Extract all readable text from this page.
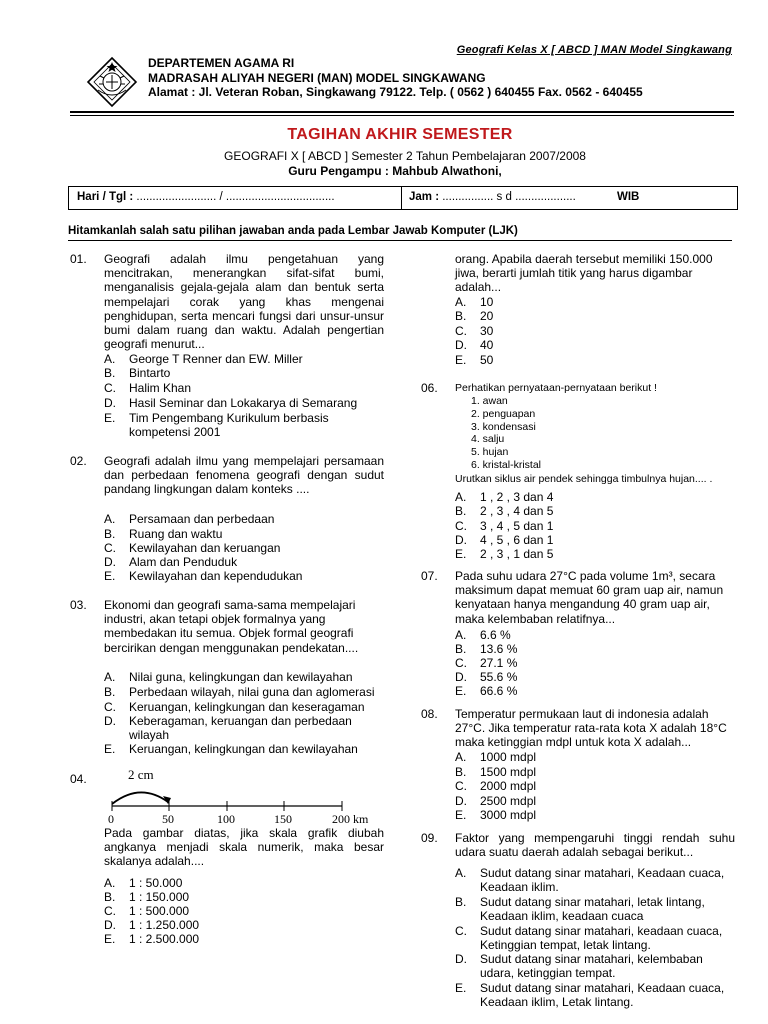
Geografi Kelas X [ ABCD ] MAN Model Singkawang
DEPARTEMEN AGAMA RI
MADRASAH ALIYAH NEGERI (MAN) MODEL SINGKAWANG
Alamat : Jl. Veteran Roban, Singkawang 79122. Telp. ( 0562 ) 640455 Fax. 0562 - 640455
TAGIHAN AKHIR SEMESTER
GEOGRAFI X [ ABCD ] Semester 2 Tahun Pembelajaran 2007/2008
Guru Pengampu : Mahbub Alwathoni,
Hari / Tgl : ......................... / ..................................	Jam : ................ s d ...................	WIB
Hitamkanlah salah satu pilihan jawaban anda pada Lembar Jawab Komputer (LJK)
01. Geografi adalah ilmu pengetahuan yang mencitrakan, menerangkan sifat-sifat bumi, menganalisis gejala-gejala alam dan bentuk serta mempelajari corak yang khas mengenai penghidupan, serta mencari fungsi dari unsur-unsur bumi dalam ruang dan waktu. Adalah pengertian geografi menurut...
A. George T Renner dan EW. Miller
B. Bintarto
C. Halim Khan
D. Hasil Seminar dan Lokakarya di Semarang
E. Tim Pengembang Kurikulum berbasis kompetensi 2001
02. Geografi adalah ilmu yang mempelajari persamaan dan perbedaan fenomena geografi dengan sudut pandang lingkungan dalam konteks ....
A. Persamaan dan perbedaan
B. Ruang dan waktu
C. Kewilayahan dan keruangan
D. Alam dan Penduduk
E. Kewilayahan dan kependudukan
03. Ekonomi dan geografi sama-sama mempelajari industri, akan tetapi objek formalnya yang membedakan itu semua. Objek formal geografi bercirikan dengan menggunakan pendekatan....
A. Nilai guna, kelingkungan dan kewilayahan
B. Perbedaan wilayah, nilai guna dan aglomerasi
C. Keruangan, kelingkungan dan keseragaman
D. Keberagaman, keruangan dan perbedaan wilayah
E. Keruangan, kelingkungan dan kewilayahan
04.	2 cm
0	50	100	150	200 km
Pada gambar diatas, jika skala grafik diubah angkanya menjadi skala numerik, maka besar skalanya adalah....
A. 1 : 50.000
B. 1 : 150.000
C. 1 : 500.000
D. 1 : 1.250.000
E. 1 : 2.500.000
orang. Apabila daerah tersebut memiliki 150.000 jiwa, berarti jumlah titik yang harus digambar adalah...
A. 10
B. 20
C. 30
D. 40
E. 50
06. Perhatikan pernyataan-pernyataan berikut !
1. awan
2. penguapan
3. kondensasi
4. salju
5. hujan
6. kristal-kristal
Urutkan siklus air pendek sehingga timbulnya hujan.... .
A. 1 , 2 , 3 dan 4
B. 2 , 3 , 4 dan 5
C. 3 , 4 , 5 dan 1
D. 4 , 5 , 6 dan 1
E. 2 , 3 , 1 dan 5
07. Pada suhu udara 27°C pada volume 1m³, secara maksimum dapat memuat 60 gram uap air, namun kenyataan hanya mengandung 40 gram uap air, maka kelembaban relatifnya...
A. 6.6 %
B. 13.6 %
C. 27.1 %
D. 55.6 %
E. 66.6 %
08. Temperatur permukaan laut di indonesia adalah 27°C. Jika temperatur rata-rata kota X adalah 18°C maka ketinggian mdpl untuk kota X adalah...
A. 1000 mdpl
B. 1500 mdpl
C. 2000 mdpl
D. 2500 mdpl
E. 3000 mdpl
09. Faktor yang mempengaruhi tinggi rendah suhu udara suatu daerah adalah sebagai berikut...
A. Sudut datang sinar matahari, Keadaan cuaca, Keadaan iklim.
B. Sudut datang sinar matahari, letak lintang, Keadaan iklim, keadaan cuaca
C. Sudut datang sinar matahari, keadaan cuaca, Ketinggian tempat, letak lintang.
D. Sudut datang sinar matahari, kelembaban udara, ketinggian tempat.
E. Sudut datang sinar matahari, Keadaan cuaca, Keadaan iklim, Letak lintang.
